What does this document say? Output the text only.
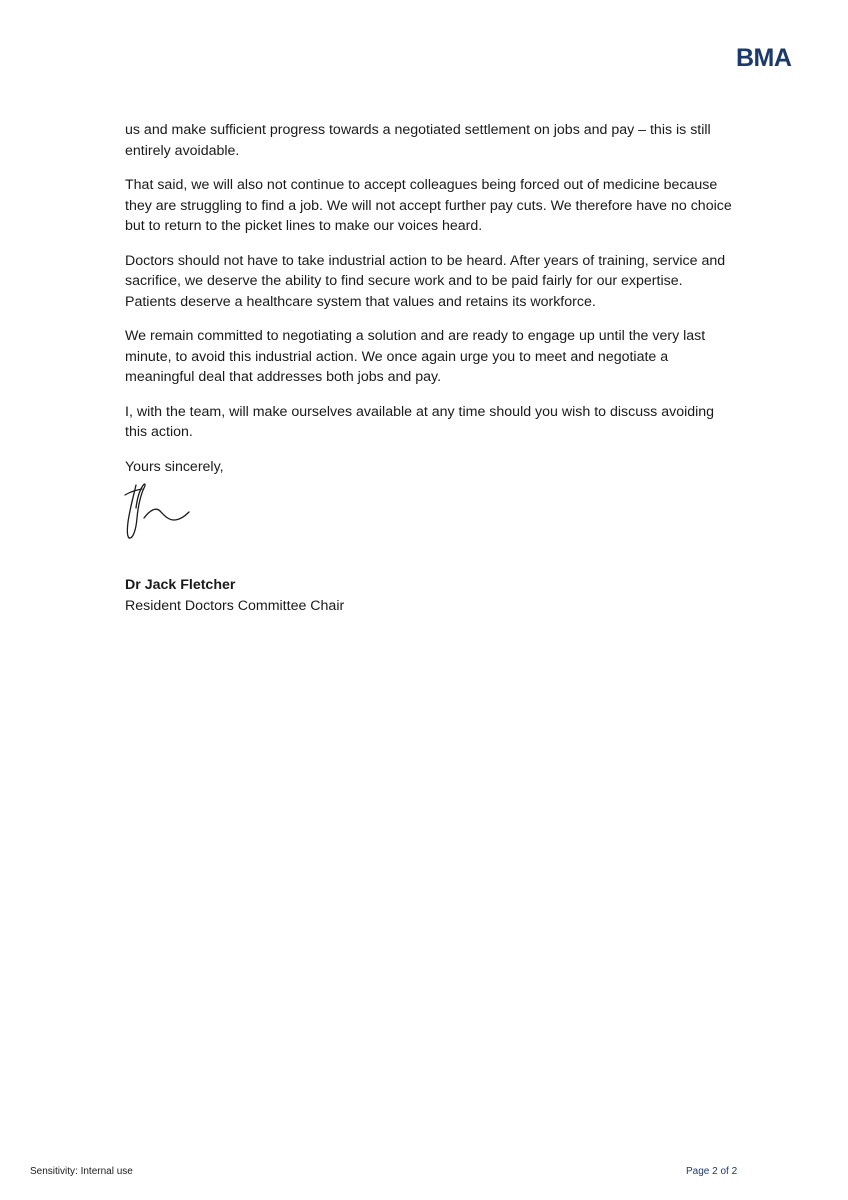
BMA

us and make sufficient progress towards a negotiated settlement on jobs and pay – this is still entirely avoidable.

That said, we will also not continue to accept colleagues being forced out of medicine because they are struggling to find a job. We will not accept further pay cuts. We therefore have no choice but to return to the picket lines to make our voices heard.

Doctors should not have to take industrial action to be heard. After years of training, service and sacrifice, we deserve the ability to find secure work and to be paid fairly for our expertise. Patients deserve a healthcare system that values and retains its workforce.

We remain committed to negotiating a solution and are ready to engage up until the very last minute, to avoid this industrial action. We once again urge you to meet and negotiate a meaningful deal that addresses both jobs and pay.

I, with the team, will make ourselves available at any time should you wish to discuss avoiding this action.

Yours sincerely,

Dr Jack Fletcher
Resident Doctors Committee Chair
Sensitivity: Internal use	Page 2 of 2
